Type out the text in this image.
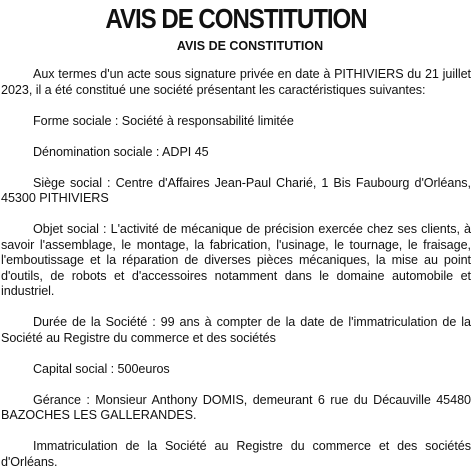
AVIS DE CONSTITUTION
AVIS DE CONSTITUTION

Aux termes d'un acte sous signature privée en date à PITHIVIERS du 21 juillet 2023, il a été constitué une société présentant les caractéristiques suivantes:

Forme sociale : Société à responsabilité limitée

Dénomination sociale : ADPI 45

Siège social : Centre d'Affaires Jean-Paul Charié, 1 Bis Faubourg d'Orléans, 45300 PITHIVIERS

Objet social : L'activité de mécanique de précision exercée chez ses clients, à savoir l'assemblage, le montage, la fabrication, l'usinage, le tournage, le fraisage, l'emboutissage et la réparation de diverses pièces mécaniques, la mise au point d'outils, de robots et d'accessoires notamment dans le domaine automobile et industriel.

Durée de la Société : 99 ans à compter de la date de l'immatriculation de la Société au Registre du commerce et des sociétés

Capital social : 500euros

Gérance : Monsieur Anthony DOMIS, demeurant 6 rue du Décauville 45480 BAZOCHES LES GALLERANDES.

Immatriculation de la Société au Registre du commerce et des sociétés d'Orléans.
